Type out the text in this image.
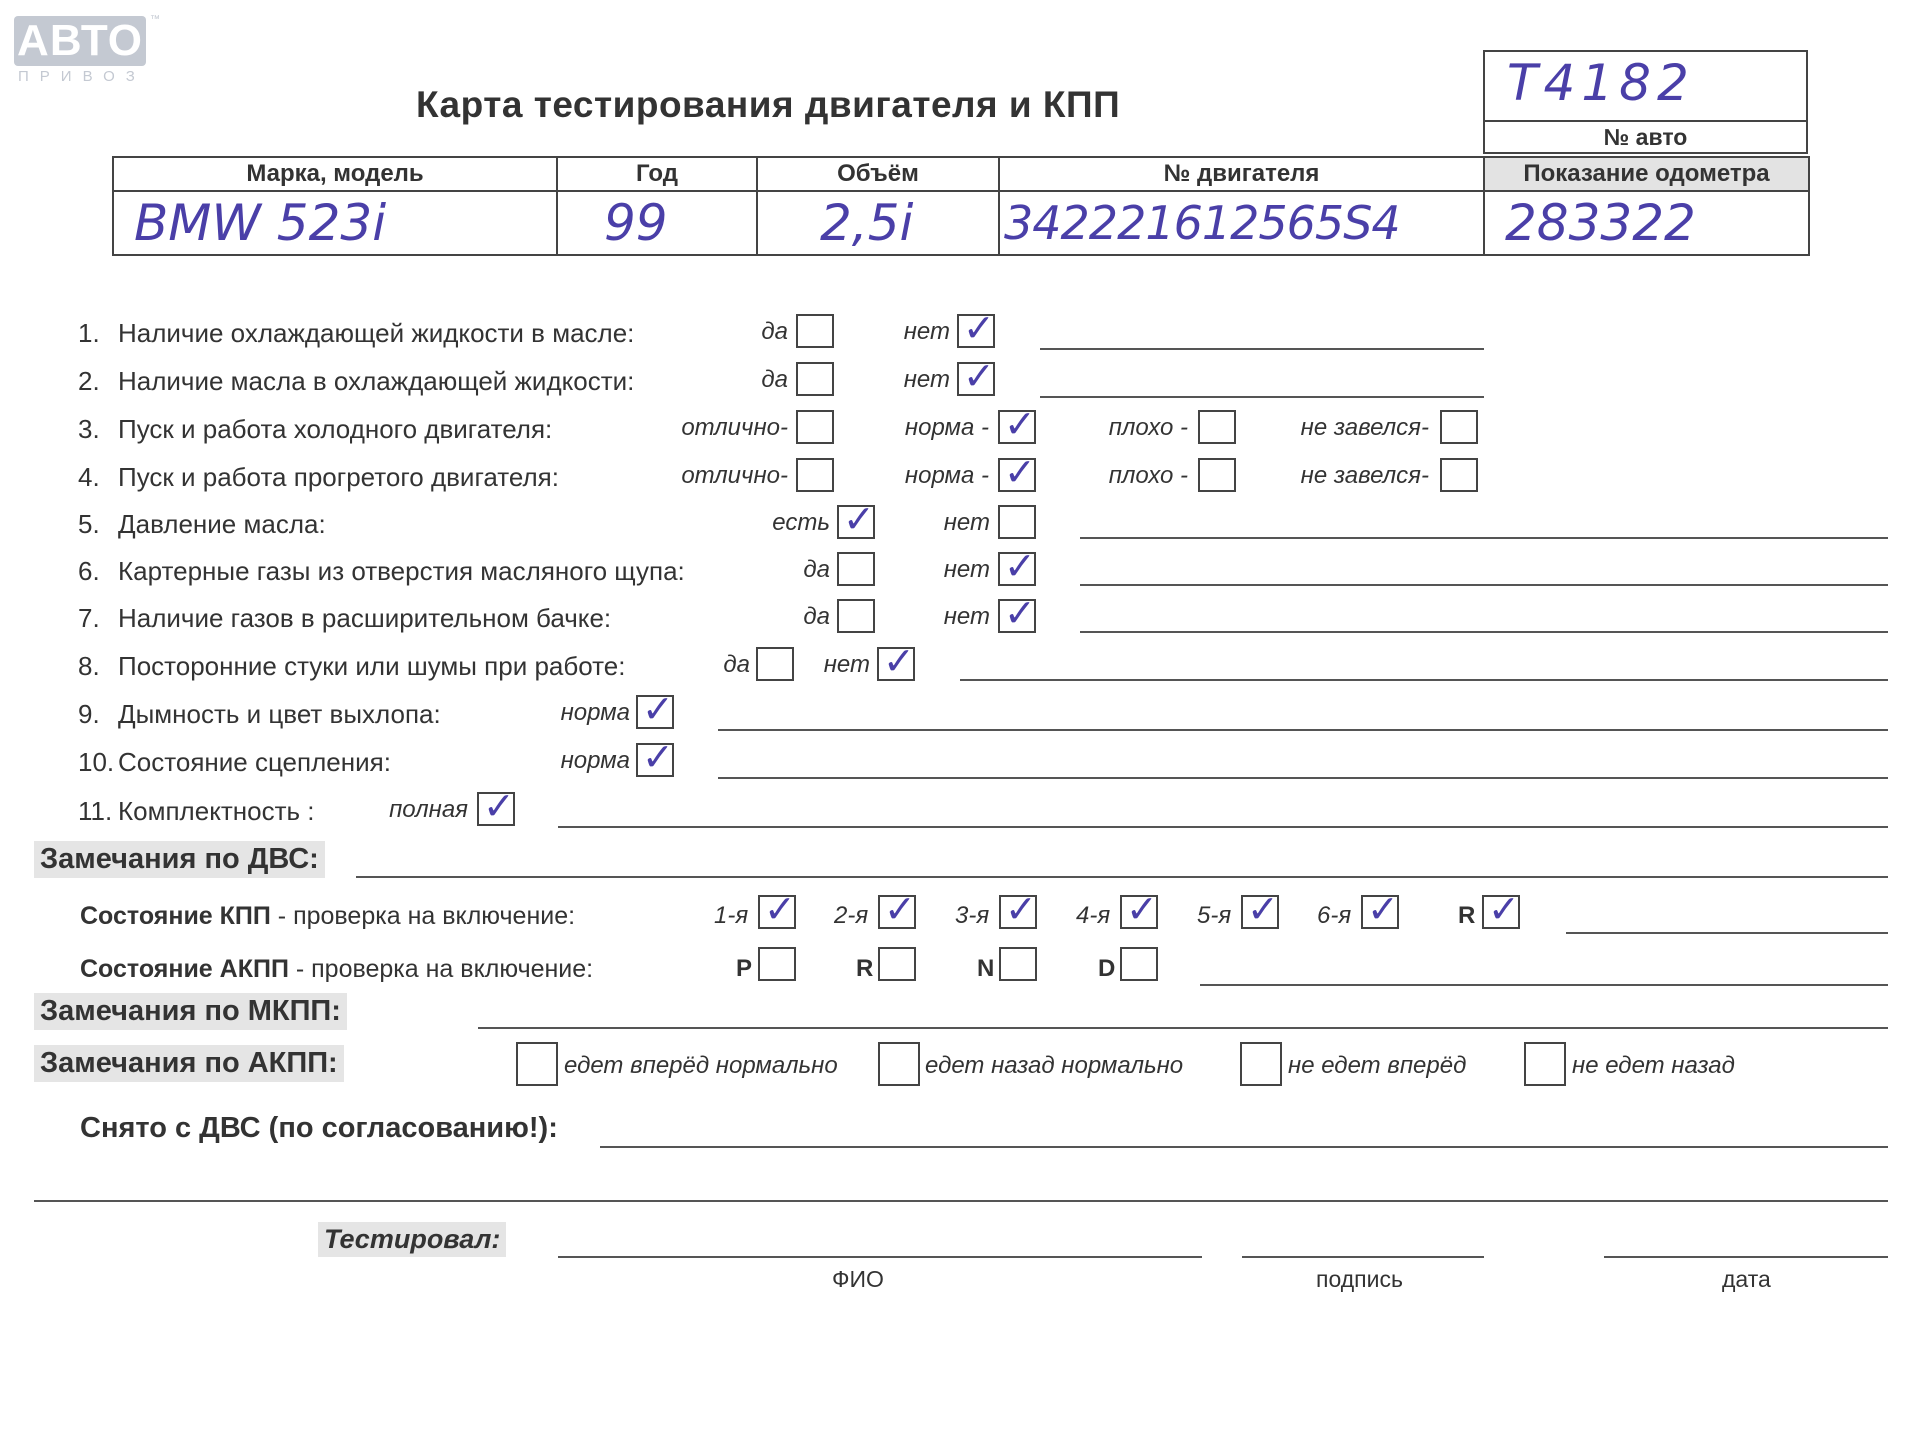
АВТО
ПРИВОЗ
™
Карта тестирования двигателя и КПП	T4182
№ авто
Марка, модель	Год	Объём	№ двигателя	Показание одометра
BMW 523i	99	2,5i	342221612565S4	283322
1. Наличие охлаждающей жидкости в масле:	да	нет ✓
2. Наличие масла в охлаждающей жидкости:	да	нет ✓
3. Пуск и работа холодного двигателя:	отлично-	норма - ✓	плохо -	не завелся-
4. Пуск и работа прогретого двигателя:	отлично-	норма - ✓	плохо -	не завелся-
5. Давление масла:	есть ✓	нет
6. Картерные газы из отверстия масляного щупа:	да	нет ✓
7. Наличие газов в расширительном бачке:	да	нет ✓
8. Посторонние стуки или шумы при работе:	да	нет ✓
9. Дымность и цвет выхлопа:	норма ✓
10. Состояние сцепления:	норма ✓
11. Комплектность :	полная ✓
Замечания по ДВС:
Состояние КПП - проверка на включение:	1-я ✓ 2-я ✓ 3-я ✓ 4-я ✓ 5-я ✓ 6-я ✓ R ✓
Состояние АКПП - проверка на включение:	P	R	N	D
Замечания по МКПП:
Замечания по АКПП:	едет вперёд нормально	едет назад нормально	не едет вперёд	не едет назад
Снято с ДВС (по согласованию!):
Тестировал:
ФИО	подпись	дата
